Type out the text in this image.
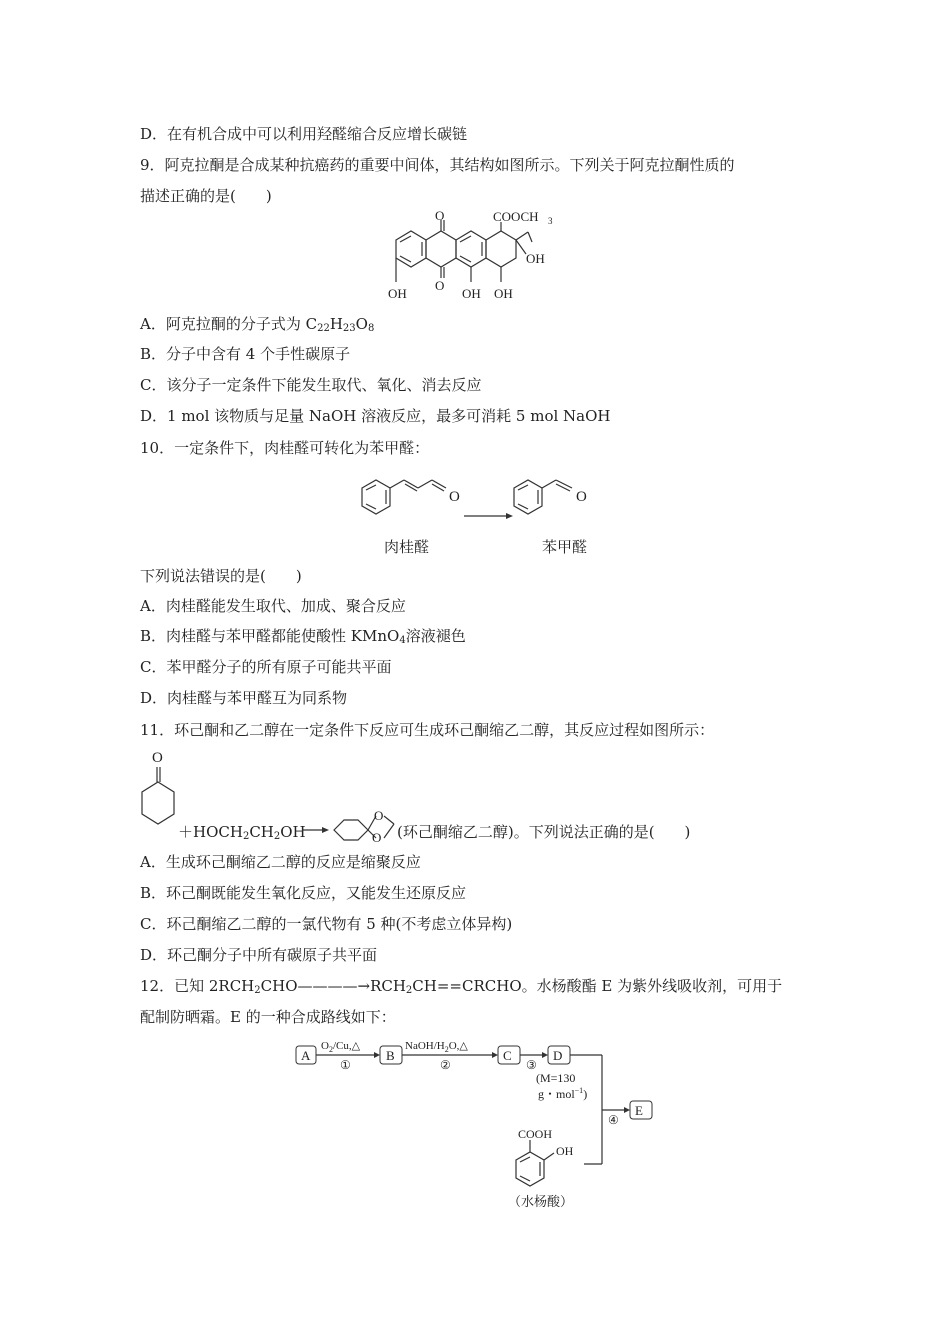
D．在有机合成中可以利用羟醛缩合反应增长碳链
9．阿克拉酮是合成某种抗癌药的重要中间体，其结构如图所示。下列关于阿克拉酮性质的
描述正确的是(　　)
O
O
COOCH 3
OH
OH	OH OH
A．阿克拉酮的分子式为 $C_{22}H_{23}O_8$
B．分子中含有 4 个手性碳原子
C．该分子一定条件下能发生取代、氧化、消去反应
D．1 mol 该物质与足量 NaOH 溶液反应，最多可消耗 5 mol NaOH
10．一定条件下，肉桂醛可转化为苯甲醛：
O	O
肉桂醛	苯甲醛
下列说法错误的是(　　)
A．肉桂醛能发生取代、加成、聚合反应
B．肉桂醛与苯甲醛都能使酸性 KMnO$_4$溶液褪色
C．苯甲醛分子的所有原子可能共平面
D．肉桂醛与苯甲醛互为同系物
11．环己酮和乙二醇在一定条件下反应可生成环己酮缩乙二醇，其反应过程如图所示：
O
$+HOCH_2CH_2OH$
O
O (环己酮缩乙二醇)。下列说法正确的是(　　)
A．生成环己酮缩乙二醇的反应是缩聚反应
B．环己酮既能发生氧化反应，又能发生还原反应
C．环己酮缩乙二醇的一氯代物有 5 种(不考虑立体异构)
D．环己酮分子中所有碳原子共平面
12．已知 $2RCH_2CHO————\to RCH_2CH==CRCHO$。水杨酸酯 E 为紫外线吸收剂，可用于
配制防晒霜。E 的一种合成路线如下：
A
$O_2/Cu,\triangle$
①
B
NaOH/$H_2O,\triangle$
②
C
③
D
(M=130
g・mol$^{-1}$)
④
E
COOH
OH
（水杨酸）
